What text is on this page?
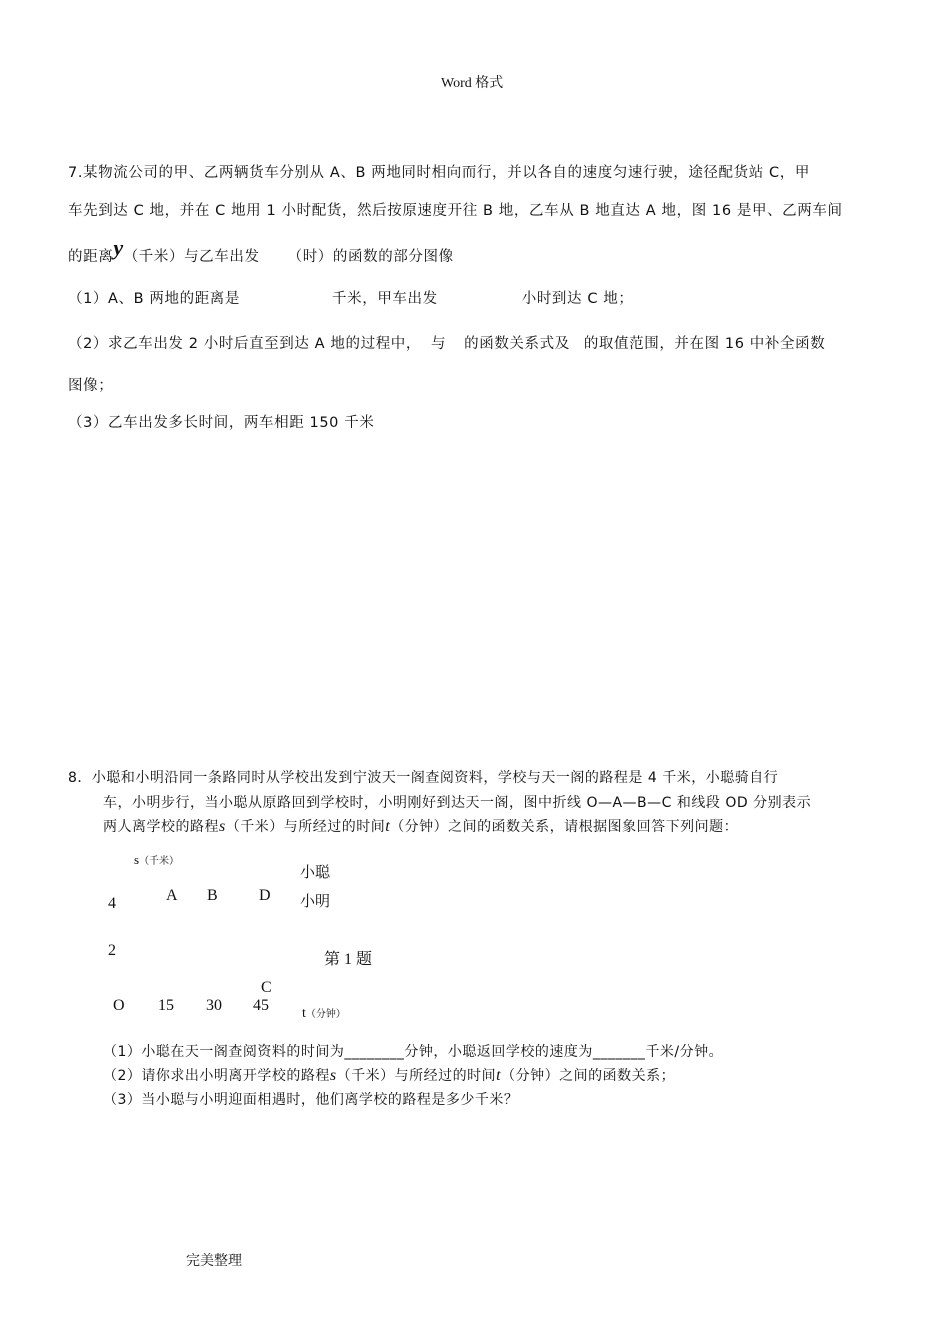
Word 格式
7.某物流公司的甲、乙两辆货车分别从 A、B 两地同时相向而行，并以各自的速度匀速行驶，途径配货站 C，甲
车先到达 C 地，并在 C 地用 1 小时配货，然后按原速度开往 B 地，乙车从 B 地直达 A 地，图 16 是甲、乙两车间
的距离y（千米）与乙车出发 （时）的函数的部分图像
（1）A、B 两地的距离是	千米，甲车出发	小时到达 C 地；
（2）求乙车出发 2 小时后直至到达 A 地的过程中， 与 的函数关系式及 的取值范围，并在图 16 中补全函数
图像；
（3）乙车出发多长时间，两车相距 150 千米
8．小聪和小明沿同一条路同时从学校出发到宁波天一阁查阅资料，学校与天一阁的路程是 4 千米，小聪骑自行
车，小明步行，当小聪从原路回到学校时，小明刚好到达天一阁，图中折线 O—A—B—C 和线段 OD 分别表示
两人离学校的路程s（千米）与所经过的时间t（分钟）之间的函数关系，请根据图象回答下列问题：
s（千米）
小聪
小明
4	A B	D
2
第 1 题
C
O 15 30 45 t（分钟）
（1）小聪在天一阁查阅资料的时间为________分钟，小聪返回学校的速度为_______千米/分钟。
（2）请你求出小明离开学校的路程s（千米）与所经过的时间t（分钟）之间的函数关系；
（3）当小聪与小明迎面相遇时，他们离学校的路程是多少千米？
完美整理
